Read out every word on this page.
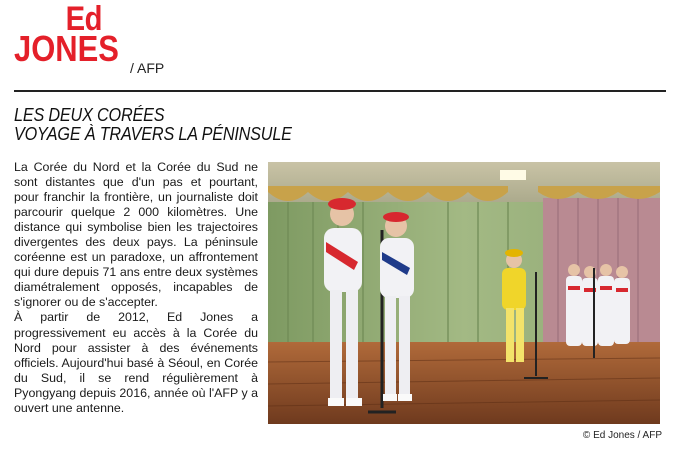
Ed
JONES / AFP
LES DEUX CORÉES
VOYAGE À TRAVERS LA PÉNINSULE

La Corée du Nord et la Corée du Sud ne sont distantes que d'un pas et pourtant, pour franchir la frontière, un journaliste doit parcourir quelque 2 000 kilomètres. Une distance qui symbolise bien les trajectoires divergentes des deux pays. La péninsule coréenne est un paradoxe, un affrontement qui dure depuis 71 ans entre deux systèmes diamétralement opposés, incapables de s'ignorer ou de s'accepter.

À partir de 2012, Ed Jones a progressivement eu accès à la Corée du Nord pour assister à des événements officiels. Aujourd'hui basé à Séoul, en Corée du Sud, il se rend régulièrement à Pyongyang depuis 2016, année où l'AFP y a ouvert une antenne.

© Ed Jones / AFP
